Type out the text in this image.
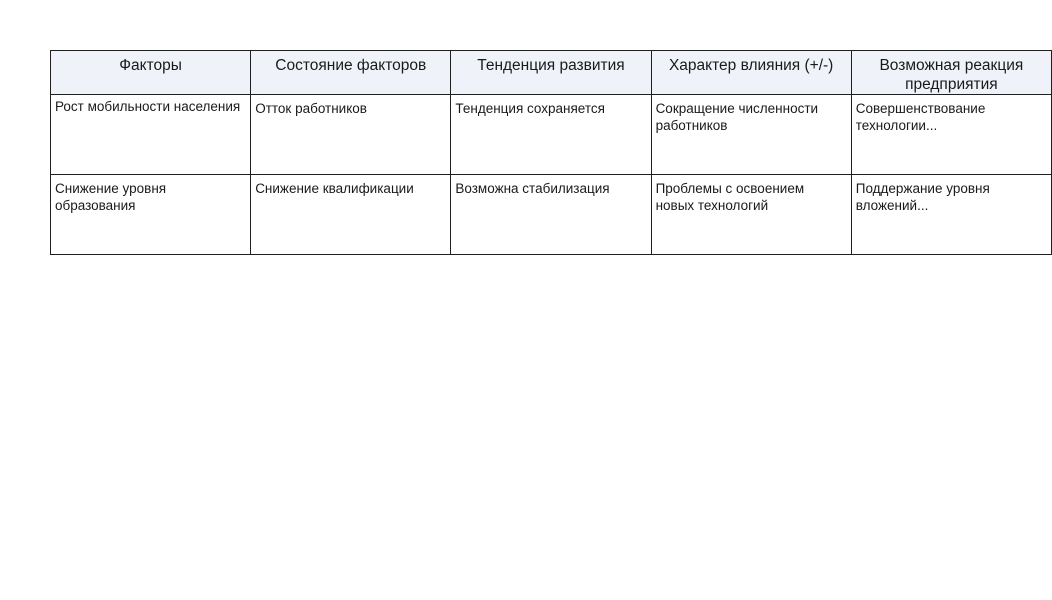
Факторы	Состояние факторов	Тенденция развития	Характер влияния (+/-)	Возможная реакция предприятия
Рост мобильности населения	Отток работников	Тенденция сохраняется	Сокращение численности работников	Совершенствование технологии...
Снижение уровня образования	Снижение квалификации	Возможна стабилизация	Проблемы с освоением новых технологий	Поддержание уровня вложений...
